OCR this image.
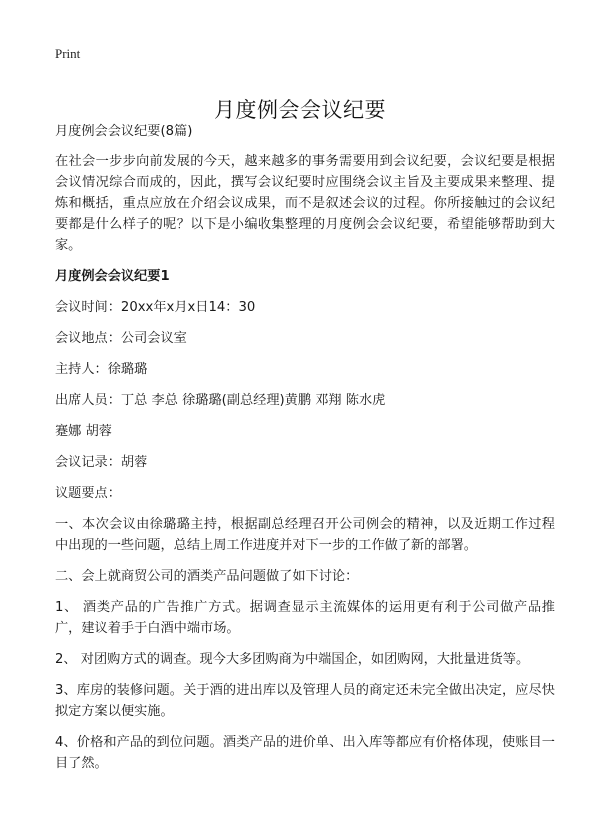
Print
月度例会会议纪要

月度例会会议纪要(8篇)

在社会一步步向前发展的今天，越来越多的事务需要用到会议纪要，会议纪要是根据会议情况综合而成的，因此，撰写会议纪要时应围绕会议主旨及主要成果来整理、提炼和概括，重点应放在介绍会议成果，而不是叙述会议的过程。你所接触过的会议纪要都是什么样子的呢？以下是小编收集整理的月度例会会议纪要，希望能够帮助到大家。

月度例会会议纪要1

会议时间：20xx年x月x日14：30

会议地点：公司会议室

主持人：徐璐璐

出席人员：丁总 李总 徐璐璐(副总经理)黄鹏 邓翔 陈水虎

蹇娜 胡蓉

会议记录：胡蓉

议题要点：

一、本次会议由徐璐璐主持，根据副总经理召开公司例会的精神，以及近期工作过程中出现的一些问题，总结上周工作进度并对下一步的工作做了新的部署。

二、会上就商贸公司的酒类产品问题做了如下讨论：

1、 酒类产品的广告推广方式。据调查显示主流媒体的运用更有利于公司做产品推广，建议着手于白酒中端市场。

2、 对团购方式的调查。现今大多团购商为中端国企，如团购网，大批量进货等。

3、库房的装修问题。关于酒的进出库以及管理人员的商定还未完全做出决定，应尽快拟定方案以便实施。

4、价格和产品的到位问题。酒类产品的进价单、出入库等都应有价格体现，使账目一目了然。
